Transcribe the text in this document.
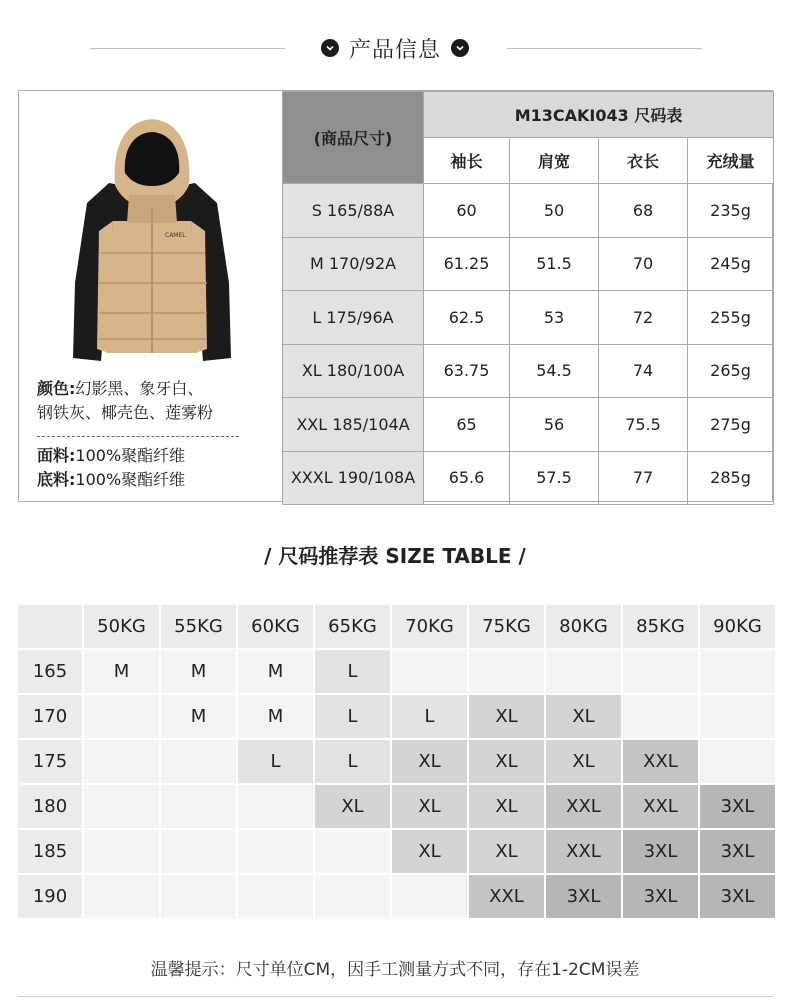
产品信息
CAMEL
颜色:幻影黑、象牙白、
钢铁灰、椰壳色、莲雾粉
面料:100%聚酯纤维
底料:100%聚酯纤维
(商品尺寸)	M13CAKI043 尺码表			
	袖长	肩宽	衣长	充绒量
S 165/88A	60	50	68	235g
M 170/92A	61.25	51.5	70	245g
L 175/96A	62.5	53	72	255g
XL 180/100A	63.75	54.5	74	265g
XXL 185/104A	65	56	75.5	275g
XXXL 190/108A	65.6	57.5	77	285g
/ 尺码推荐表 SIZE TABLE /
	50KG	55KG	60KG	65KG	70KG	75KG	80KG	85KG	90KG
165	M	M	M	L					
170		M	M	L	L	XL	XL		
175			L	L	XL	XL	XL	XXL	
180				XL	XL	XL	XXL	XXL	3XL
185					XL	XL	XXL	3XL	3XL
190						XXL	3XL	3XL	3XL
温馨提示：尺寸单位CM，因手工测量方式不同，存在1-2CM误差
